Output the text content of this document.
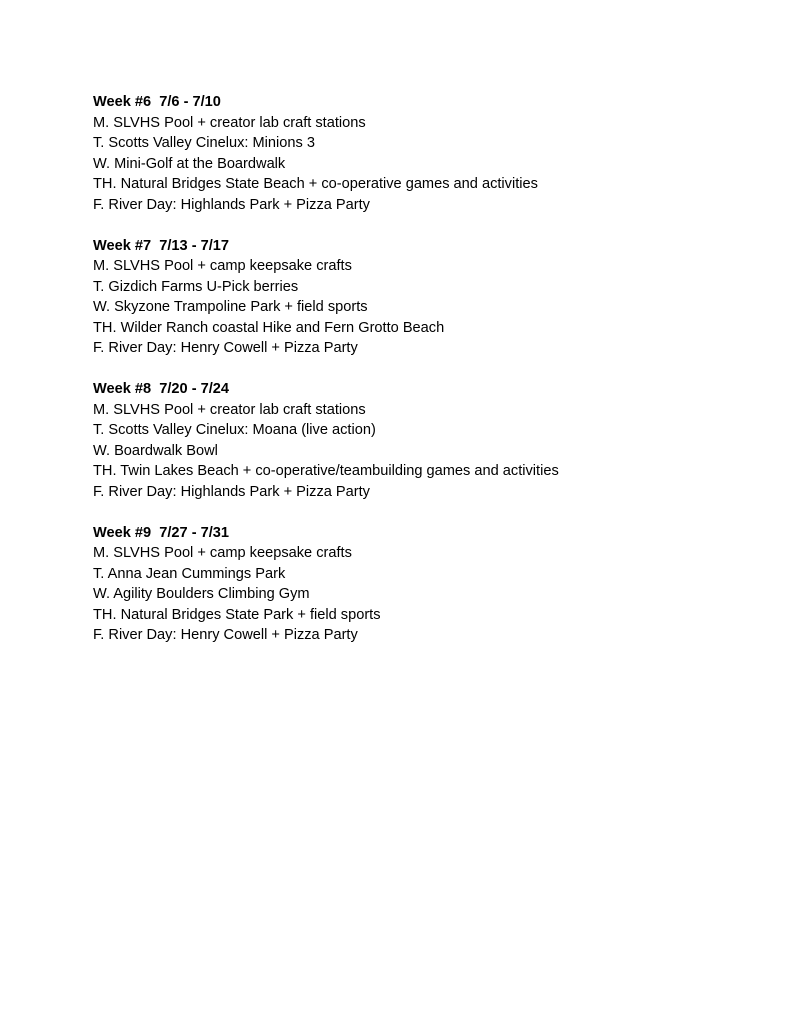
Week #6  7/6 - 7/10
M. SLVHS Pool + creator lab craft stations
T. Scotts Valley Cinelux: Minions 3
W. Mini-Golf at the Boardwalk
TH. Natural Bridges State Beach + co-operative games and activities
F. River Day: Highlands Park + Pizza Party
Week #7  7/13 - 7/17
M. SLVHS Pool + camp keepsake crafts
T. Gizdich Farms U-Pick berries
W. Skyzone Trampoline Park + field sports
TH. Wilder Ranch coastal Hike and Fern Grotto Beach
F. River Day: Henry Cowell + Pizza Party
Week #8  7/20 - 7/24
M. SLVHS Pool + creator lab craft stations
T. Scotts Valley Cinelux: Moana (live action)
W. Boardwalk Bowl
TH. Twin Lakes Beach + co-operative/teambuilding games and activities
F. River Day: Highlands Park + Pizza Party
Week #9  7/27 - 7/31
M. SLVHS Pool + camp keepsake crafts
T. Anna Jean Cummings Park
W. Agility Boulders Climbing Gym
TH. Natural Bridges State Park + field sports
F. River Day: Henry Cowell + Pizza Party
